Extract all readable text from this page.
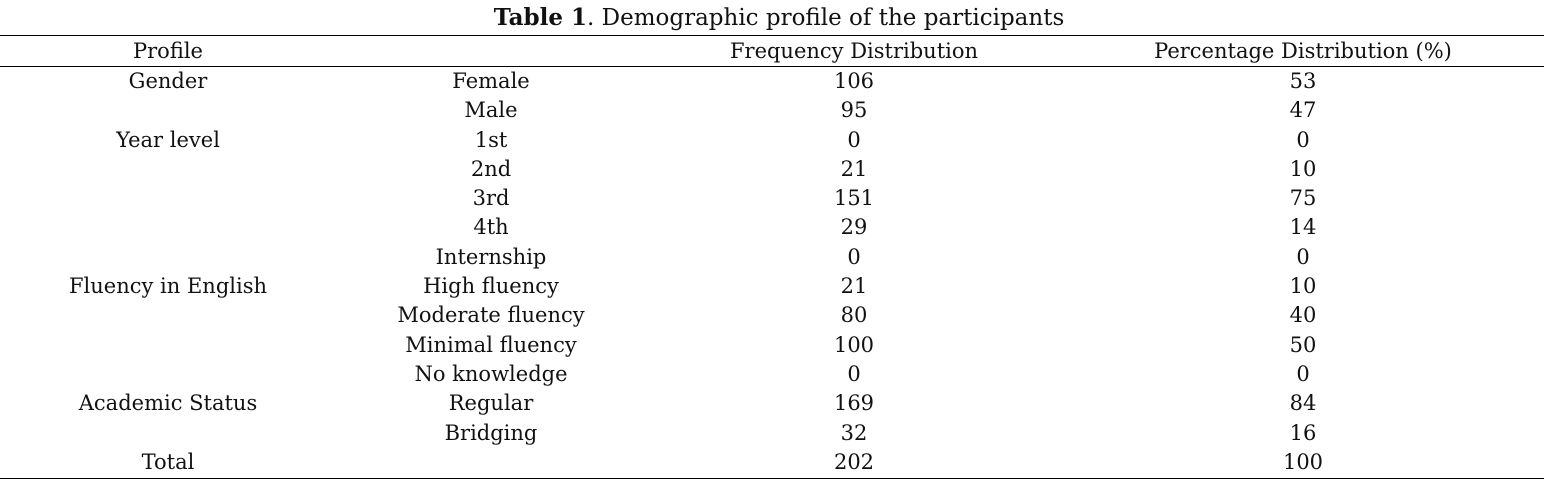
Table 1. Demographic profile of the participants
Profile		Frequency Distribution	Percentage Distribution (%)
Gender	Female	106	53
	Male	95	47
Year level	1st	0	0
	2nd	21	10
	3rd	151	75
	4th	29	14
	Internship	0	0
Fluency in English	High fluency	21	10
	Moderate fluency	80	40
	Minimal fluency	100	50
	No knowledge	0	0
Academic Status	Regular	169	84
	Bridging	32	16
Total		202	100
